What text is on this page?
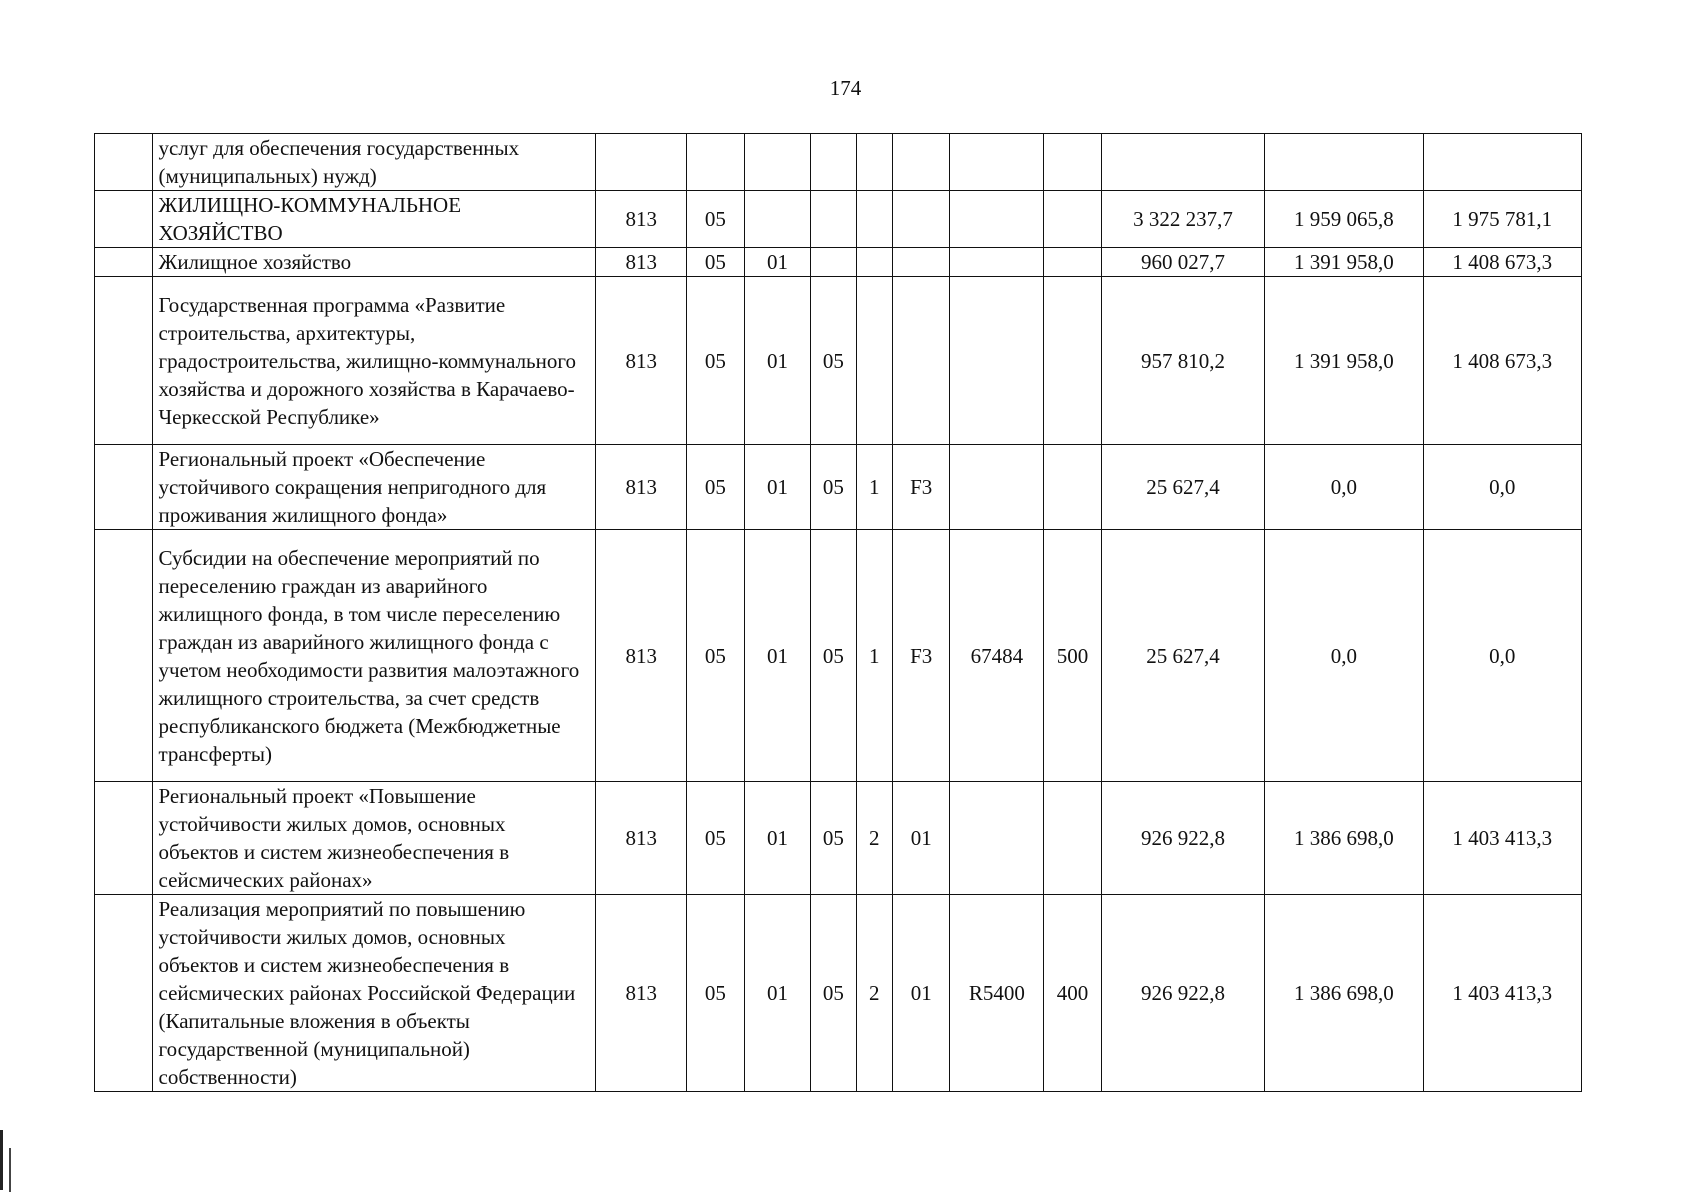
174
	услуг для обеспечения государственных (муниципальных) нужд)											
	ЖИЛИЩНО-КОММУНАЛЬНОЕ ХОЗЯЙСТВО	813	05							3 322 237,7	1 959 065,8	1 975 781,1
	Жилищное хозяйство	813	05	01						960 027,7	1 391 958,0	1 408 673,3
	Государственная программа «Развитие строительства, архитектуры, градостроительства, жилищно-коммунального хозяйства и дорожного хозяйства в Карачаево-Черкесской Республике»	813	05	01	05					957 810,2	1 391 958,0	1 408 673,3
	Региональный проект «Обеспечение устойчивого сокращения непригодного для проживания жилищного фонда»	813	05	01	05	1	F3			25 627,4	0,0	0,0
	Субсидии на обеспечение мероприятий по переселению граждан из аварийного жилищного фонда, в том числе переселению граждан из аварийного жилищного фонда с учетом необходимости развития малоэтажного жилищного строительства, за счет средств республиканского бюджета (Межбюджетные трансферты)	813	05	01	05	1	F3	67484	500	25 627,4	0,0	0,0
	Региональный проект «Повышение устойчивости жилых домов, основных объектов и систем жизнеобеспечения в сейсмических районах»	813	05	01	05	2	01			926 922,8	1 386 698,0	1 403 413,3
	Реализация мероприятий по повышению устойчивости жилых домов, основных объектов и систем жизнеобеспечения в сейсмических районах Российской Федерации (Капитальные вложения в объекты государственной (муниципальной) собственности)	813	05	01	05	2	01	R5400	400	926 922,8	1 386 698,0	1 403 413,3
